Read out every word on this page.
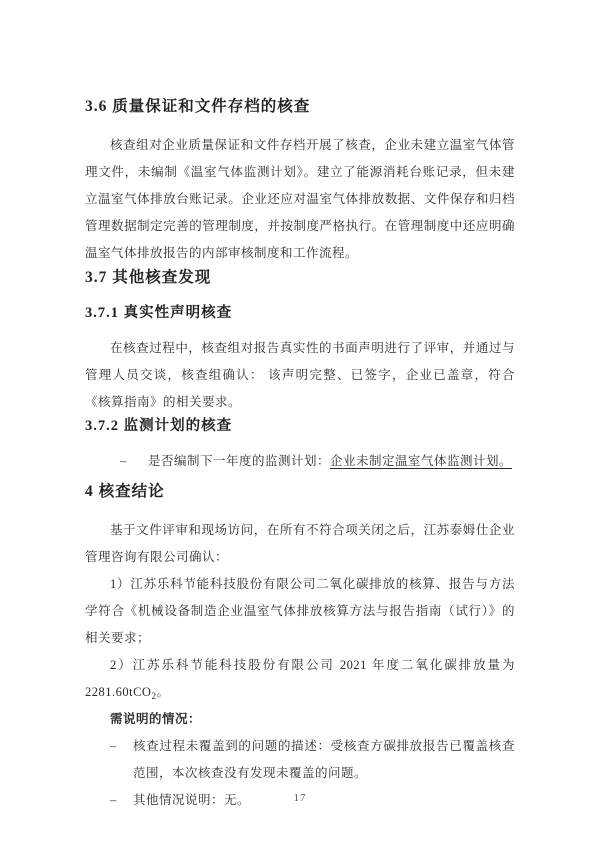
3.6 质量保证和文件存档的核查

核查组对企业质量保证和文件存档开展了核查，企业未建立温室气体管理文件，未编制《温室气体监测计划》。建立了能源消耗台账记录，但未建立温室气体排放台账记录。企业还应对温室气体排放数据、文件保存和归档管理数据制定完善的管理制度，并按制度严格执行。在管理制度中还应明确温室气体排放报告的内部审核制度和工作流程。

3.7 其他核查发现
3.7.1 真实性声明核查

在核查过程中，核查组对报告真实性的书面声明进行了评审，并通过与管理人员交谈，核查组确认： 该声明完整、已签字，企业已盖章，符合《核算指南》的相关要求。

3.7.2 监测计划的核查
– 是否编制下一年度的监测计划：企业未制定温室气体监测计划。
4 核查结论

基于文件评审和现场访问，在所有不符合项关闭之后，江苏泰姆仕企业管理咨询有限公司确认：

1）江苏乐科节能科技股份有限公司二氧化碳排放的核算、报告与方法学符合《机械设备制造企业温室气体排放核算方法与报告指南（试行）》的相关要求；

2）江苏乐科节能科技股份有限公司 2021 年度二氧化碳排放量为2281.60tCO$_2$。

需说明的情况：

– 核查过程未覆盖到的问题的描述：受核查方碳排放报告已覆盖核查范围，本次核查没有发现未覆盖的问题。
– 其他情况说明：无。	17
